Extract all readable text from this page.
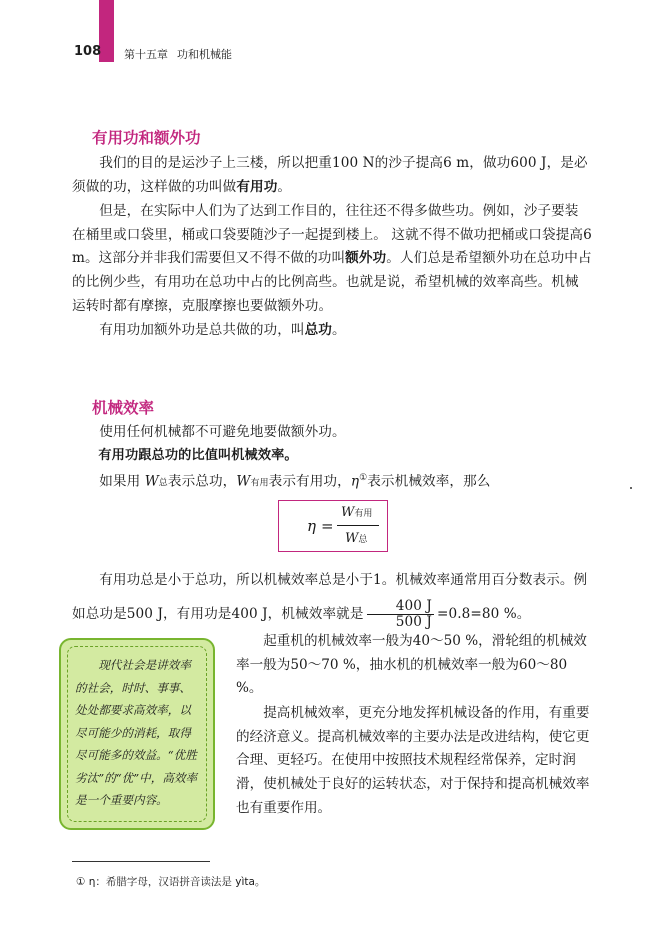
108 第十五章 功和机械能
有用功和额外功

我们的目的是运沙子上三楼，所以把重100 N的沙子提高6 m，做功600 J，是必须做的功，这样做的功叫做有用功。

但是，在实际中人们为了达到工作目的，往往还不得多做些功。例如，沙子要装在桶里或口袋里，桶或口袋要随沙子一起提到楼上。 这就不得不做功把桶或口袋提高6 m。这部分并非我们需要但又不得不做的功叫额外功。人们总是希望额外功在总功中占的比例少些，有用功在总功中占的比例高些。也就是说，希望机械的效率高些。机械运转时都有摩擦，克服摩擦也要做额外功。

有用功加额外功是总共做的功，叫总功。

机械效率

使用任何机械都不可避免地要做额外功。

有用功跟总功的比值叫机械效率。

如果用 W总表示总功，W有用表示有用功，η①表示机械效率，那么

η =
W有用
W总

有用功总是小于总功，所以机械效率总是小于1。机械效率通常用百分数表示。例如总功是500 J，有用功是400 J，机械效率就是 $\frac{400 J}{500 J} =0.8=80$ %。

现代社会是讲效率的社会，时时、事事、处处都要求高效率，以尽可能少的消耗，取得尽可能多的效益。“优胜劣汰”的“优”中，高效率是一个重要内容。

起重机的机械效率一般为40～50 %，滑轮组的机械效率一般为50～70 %，抽水机的机械效率一般为60～80 %。

提高机械效率，更充分地发挥机械设备的作用，有重要的经济意义。提高机械效率的主要办法是改进结构，使它更合理、更轻巧。在使用中按照技术规程经常保养，定时润滑，使机械处于良好的运转状态，对于保持和提高机械效率也有重要作用。

① η：希腊字母，汉语拼音读法是 yìta。
